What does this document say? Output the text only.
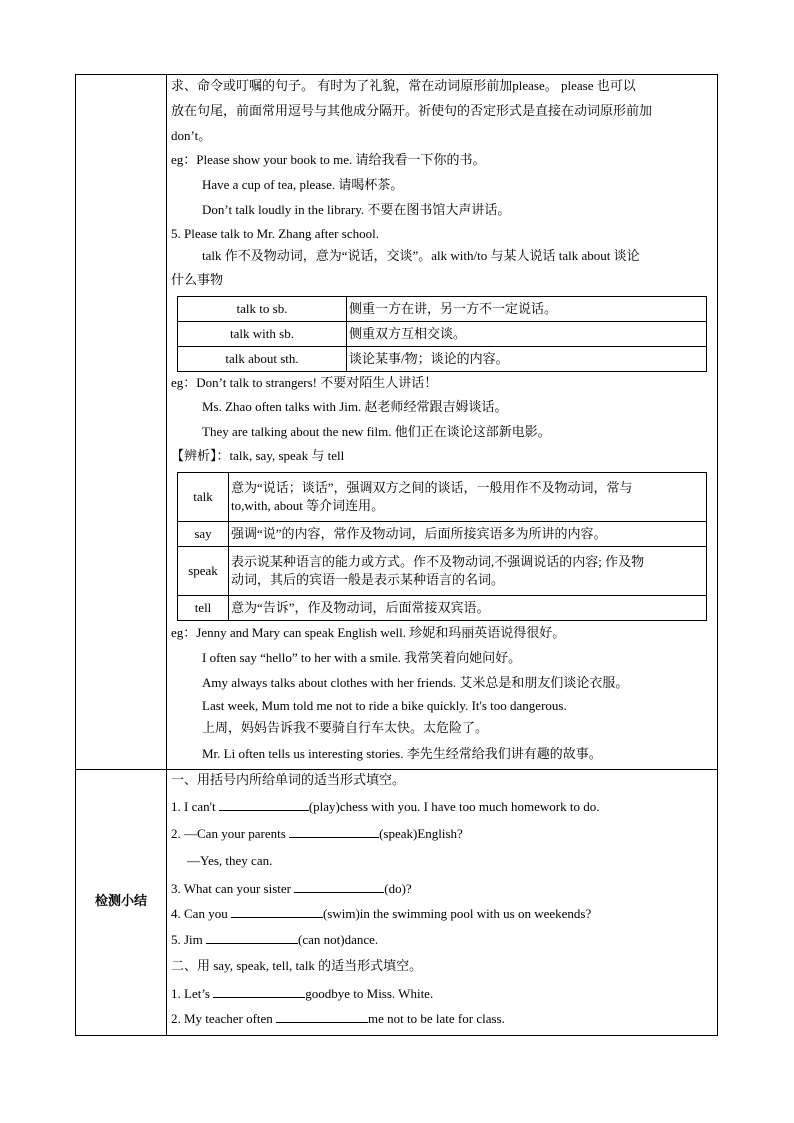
检测小结
求、命令或叮嘱的句子。 有时为了礼貌，常在动词原形前加please。 please 也可以
放在句尾，前面常用逗号与其他成分隔开。祈使句的否定形式是直接在动词原形前加
don’t。
eg：Please show your book to me. 请给我看一下你的书。
Have a cup of tea, please. 请喝杯茶。
Don’t talk loudly in the library. 不要在图书馆大声讲话。
5. Please talk to Mr. Zhang after school.
talk 作不及物动词，意为“说话，交谈”。alk with/to 与某人说话 talk about 谈论
什么事物
talk to sb.	侧重一方在讲，另一方不一定说话。
talk with sb.	侧重双方互相交谈。
talk about sth.	谈论某事/物；谈论的内容。
eg：Don’t talk to strangers! 不要对陌生人讲话！
Ms. Zhao often talks with Jim. 赵老师经常跟吉姆谈话。
They are talking about the new film. 他们正在谈论这部新电影。
【辨析】：talk, say, speak 与 tell
talk	意为“说话；谈话”，强调双方之间的谈话，一般用作不及物动词，常与
to,with, about 等介词连用。

say	强调“说”的内容，常作及物动词，后面所接宾语多为所讲的内容。
speak	表示说某种语言的能力或方式。作不及物动词,不强调说话的内容; 作及物
动词，其后的宾语一般是表示某种语言的名词。

tell	意为“告诉”，作及物动词，后面常接双宾语。
eg：Jenny and Mary can speak English well. 珍妮和玛丽英语说得很好。
I often say “hello” to her with a smile. 我常笑着向她问好。
Amy always talks about clothes with her friends. 艾米总是和朋友们谈论衣服。
Last week, Mum told me not to ride a bike quickly. It's too dangerous.
上周，妈妈告诉我不要骑自行车太快。太危险了。
Mr. Li often tells us interesting stories. 李先生经常给我们讲有趣的故事。
一、用括号内所给单词的适当形式填空。
1. I can't	(play)chess with you. I have too much homework to do.
2. —Can your parents	(speak)English?
—Yes, they can.
3. What can your sister	(do)?
4. Can you	(swim)in the swimming pool with us on weekends?
5. Jim	(can not)dance.
二、用 say, speak, tell, talk 的适当形式填空。
1. Let’s	goodbye to Miss. White.
2. My teacher often	me not to be late for class.
